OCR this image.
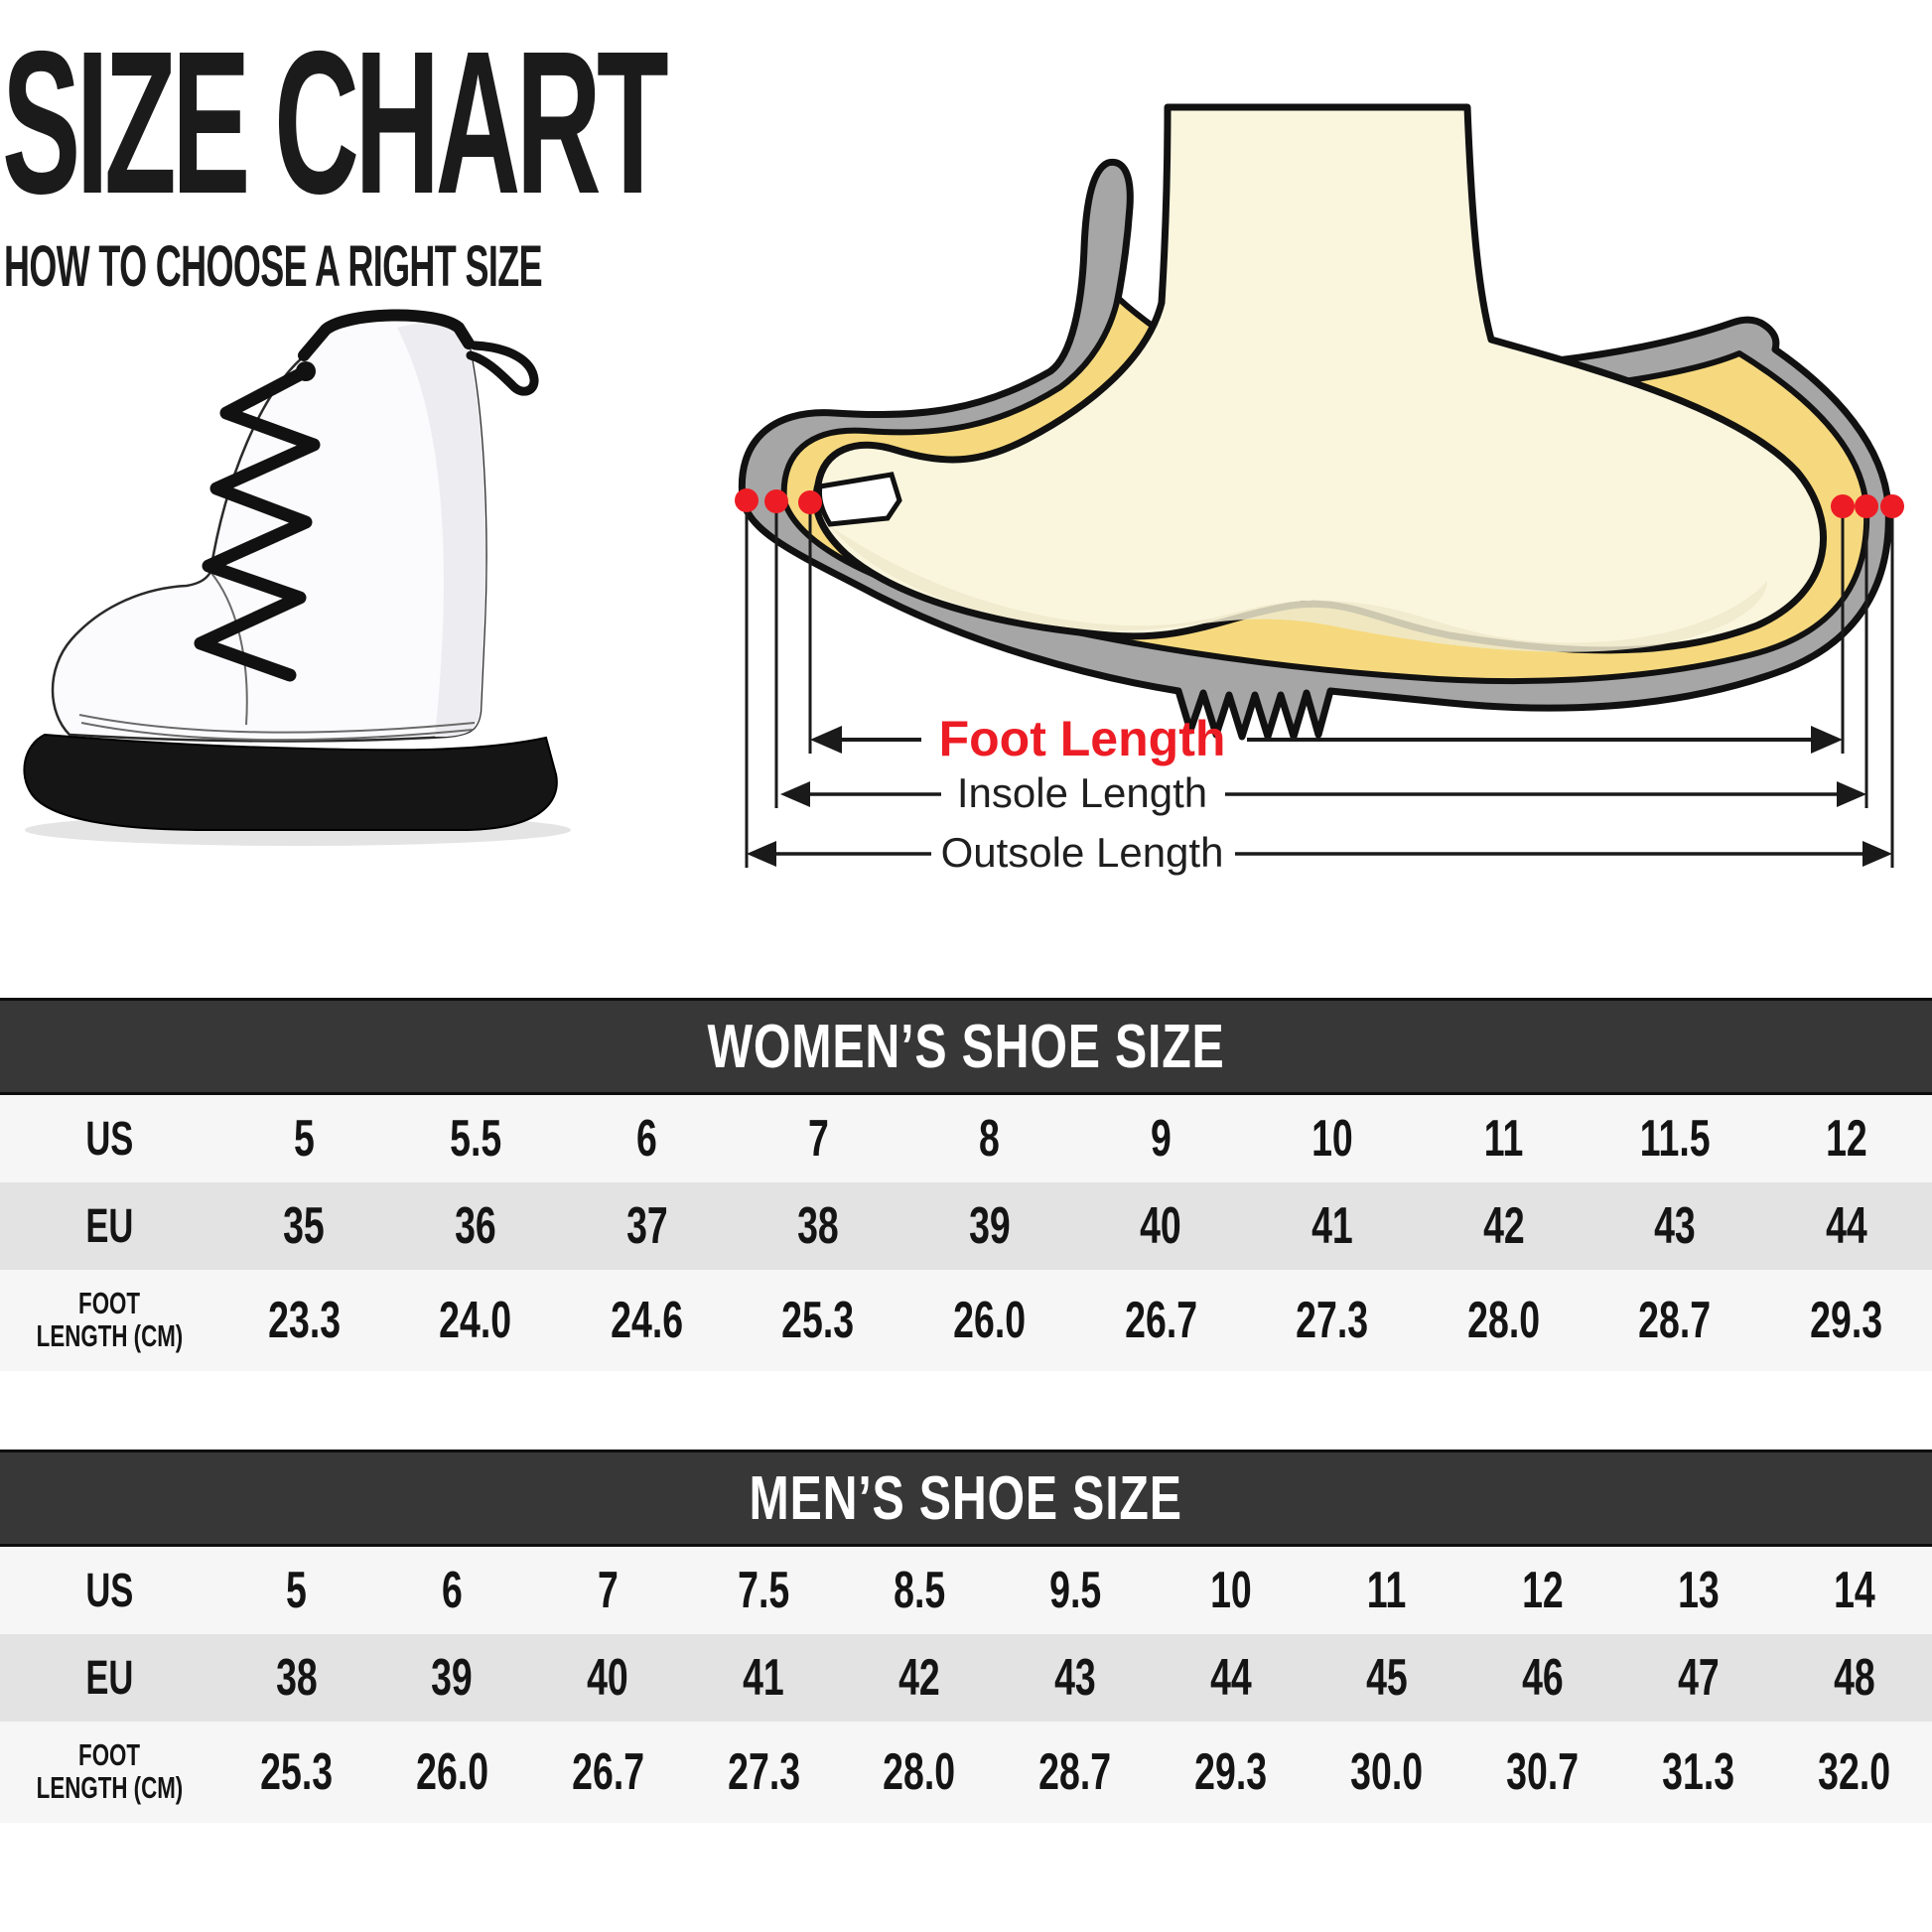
SIZE CHART
HOW TO CHOOSE A RIGHT SIZE
Foot Length
Insole Length
Outsole Length
WOMEN’S SHOE SIZE
US	5	5.5	6	7	8	9	10	11 11.5 12
EU	35	36	37	38	39	40	41	42	43	44
FOOT
LENGTH (CM) 23.3 24.0 24.6 25.3 26.0 26.7 27.3 28.0 28.7 29.3
MEN’S SHOE SIZE
US	5	6	7 7.5 8.5 9.5 10 11 12 13 14
EU	38 39 40 41 42 43 44 45 46 47 48
FOOT
LENGTH (CM) 25.3 26.0 26.7 27.3 28.0 28.7 29.3 30.0 30.7 31.3 32.0
